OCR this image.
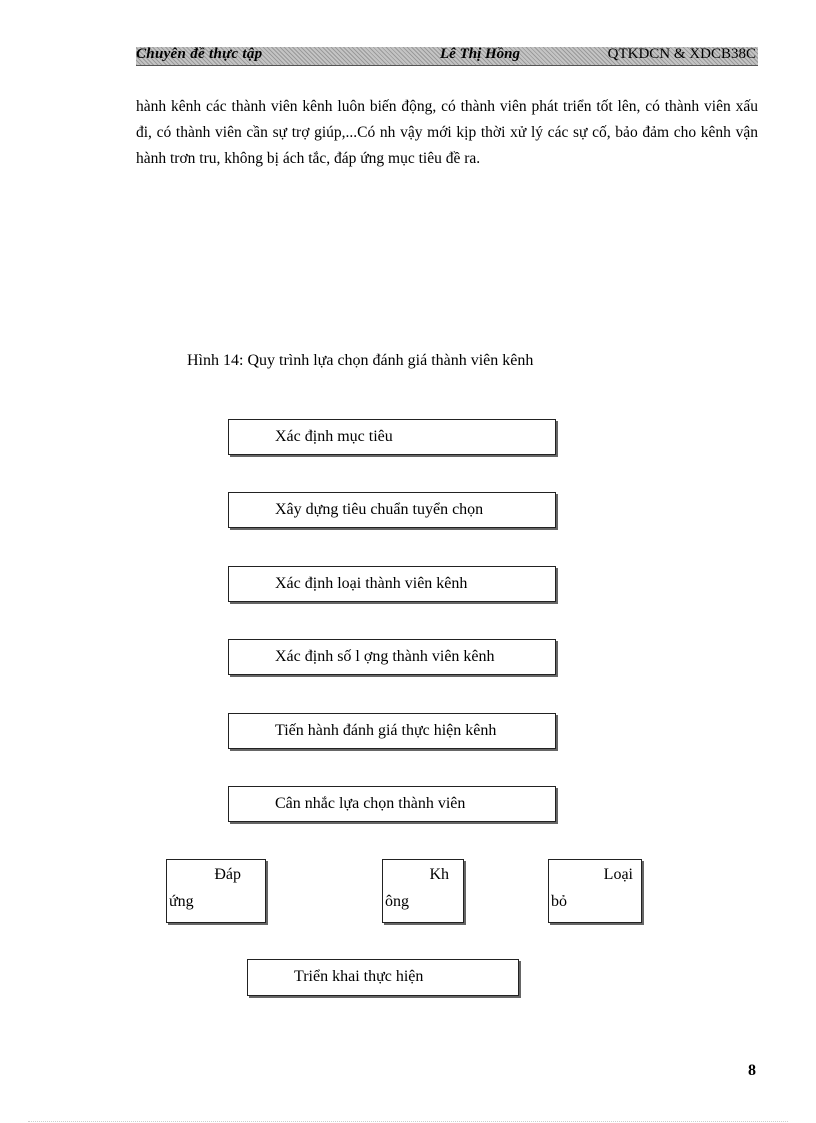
Chuyên đề thực tập	Lê Thị Hồng	QTKDCN & XDCB38C
hành kênh các thành viên kênh luôn biến động, có thành viên phát triển tốt lên, có thành viên xấu đi, có thành viên cần sự trợ giúp,...Có nh vậy mới kịp thời xử lý các sự cố, bảo đảm cho kênh vận hành trơn tru, không bị ách tắc, đáp ứng mục tiêu đề ra.
Hình 14: Quy trình lựa chọn đánh giá thành viên kênh
Xác định mục tiêu
Xây dựng tiêu chuẩn tuyển chọn
Xác định loại thành viên kênh
Xác định số l ợng thành viên kênh
Tiến hành đánh giá thực hiện kênh
Cân nhắc lựa chọn thành viên
Đáp
ứng
Kh
ông
Loại
bỏ
Triển khai thực hiện
8
